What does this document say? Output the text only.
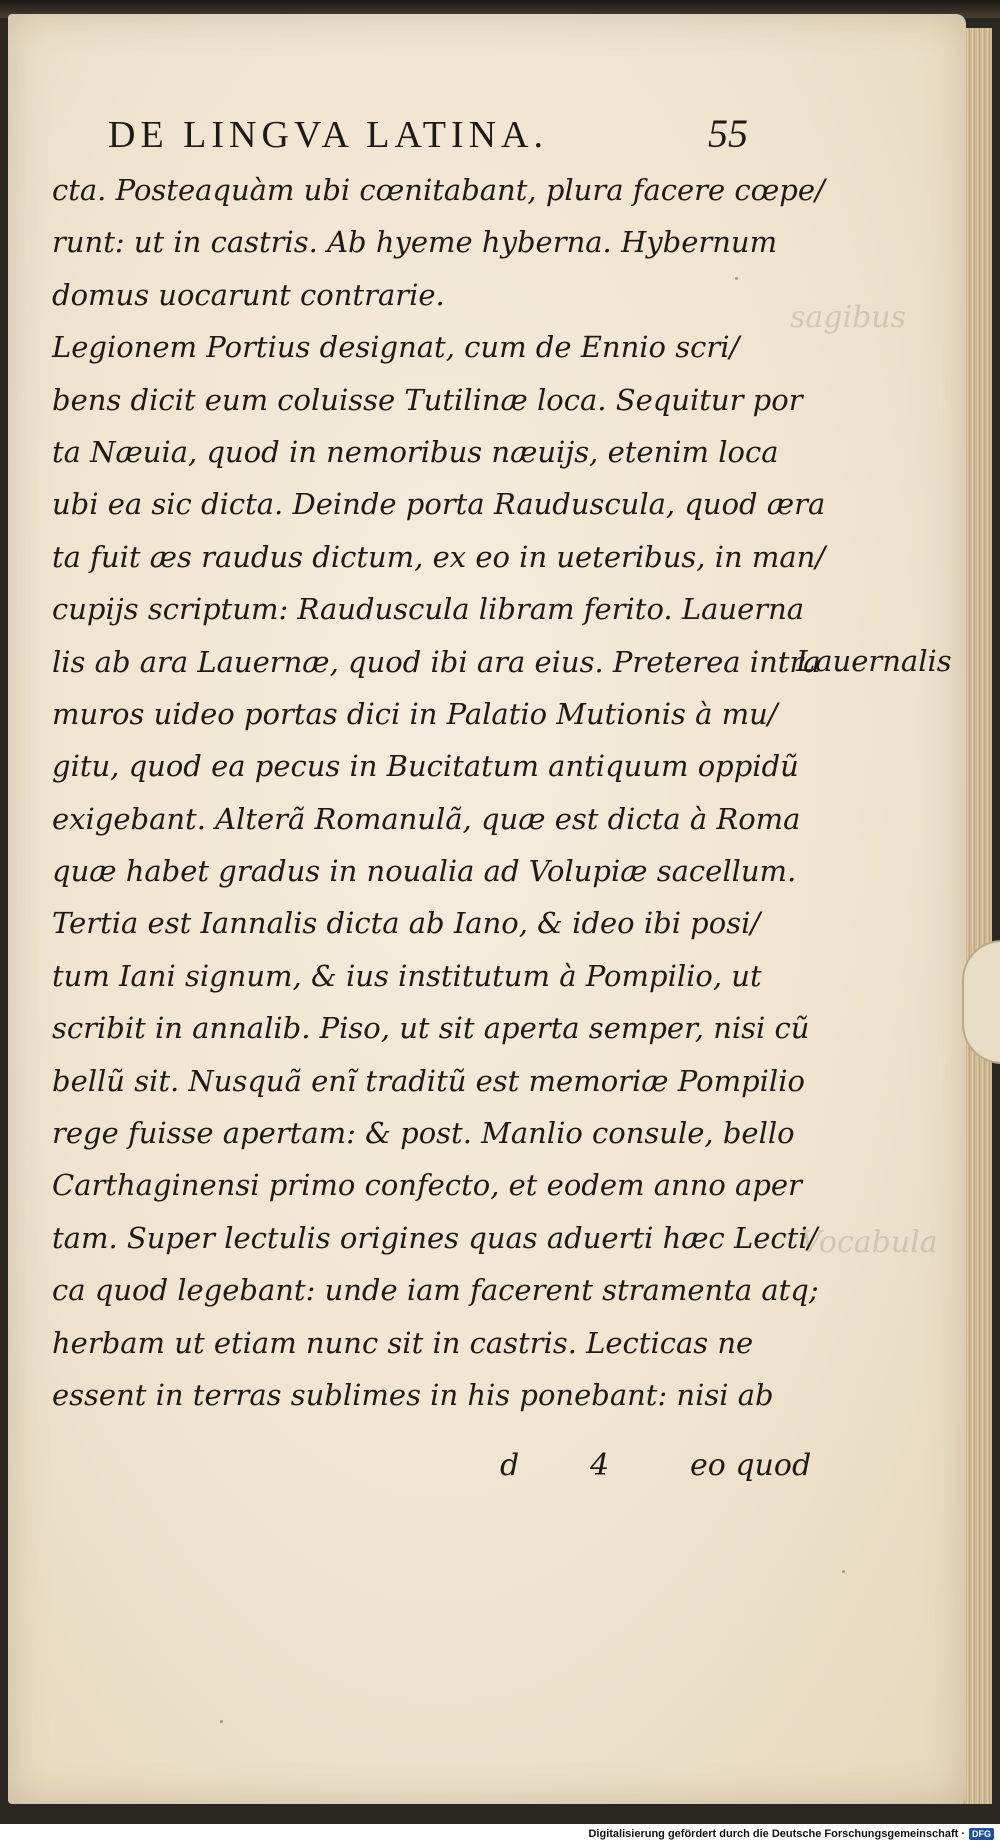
sagibus
Vocabula
DE LINGVA LATINA.	55
cta. Posteaquàm ubi cœnitabant, plura facere cœpe/
runt: ut in castris. Ab hyeme hyberna. Hybernum
domus uocarunt contrarie.
Legionem Portius designat, cum de Ennio scri/
bens dicit eum coluisse Tutilinæ loca. Sequitur por
ta Næuia, quod in nemoribus næuijs, etenim loca
ubi ea sic dicta. Deinde porta Rauduscula, quod æra
ta fuit æs raudus dictum, ex eo in ueteribus, in man/
cupijs scriptum: Rauduscula libram ferito. Lauerna
lis ab ara Lauernæ, quod ibi ara eius. Preterea intra
muros uideo portas dici in Palatio Mutionis à mu/
gitu, quod ea pecus in Bucitatum antiquum oppidũ
exigebant. Alterã Romanulã, quæ est dicta à Roma
quæ habet gradus in noualia ad Volupiæ sacellum.
Tertia est Iannalis dicta ab Iano, & ideo ibi posi/
tum Iani signum, & ius institutum à Pompilio, ut
scribit in annalib. Piso, ut sit aperta semper, nisi cũ
bellũ sit. Nusquã enĩ traditũ est memoriæ Pompilio
rege fuisse apertam: & post. Manlio consule, bello
Carthaginensi primo confecto, et eodem anno aper
tam. Super lectulis origines quas aduerti hæc Lecti/
ca quod legebant: unde iam facerent stramenta atq;
herbam ut etiam nunc sit in castris. Lecticas ne
essent in terras sublimes in his ponebant: nisi ab
Lauernalis
d 4	eo quod
Digitalisierung gefördert durch die Deutsche Forschungsgemeinschaft · DFG
